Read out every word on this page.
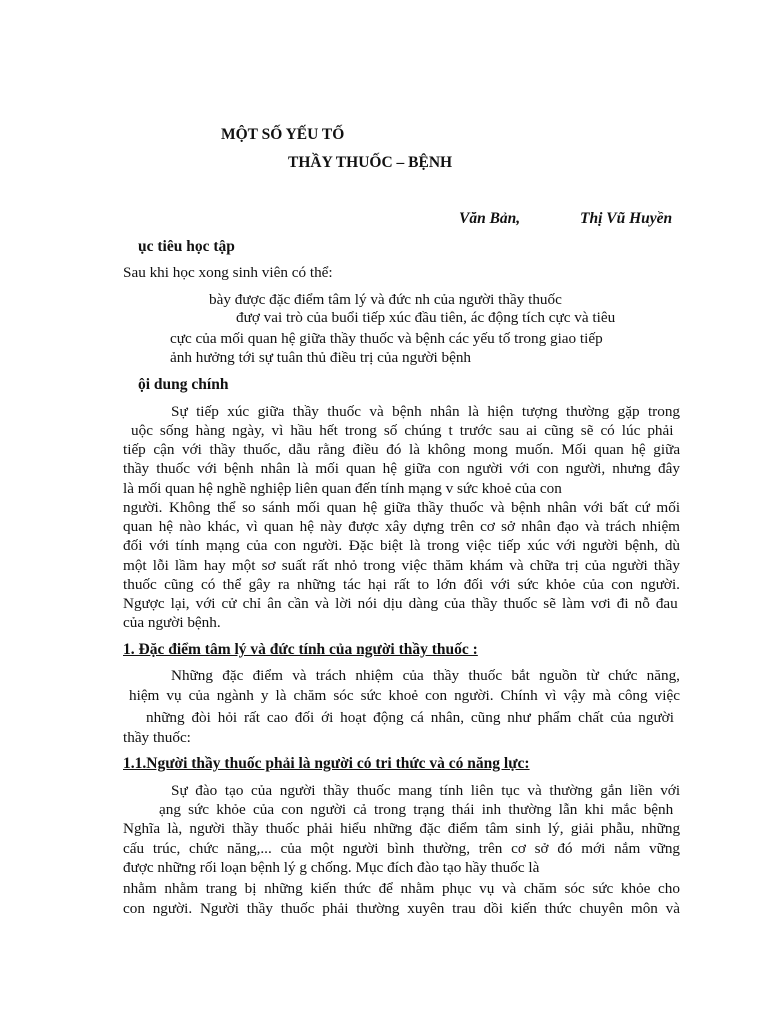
MỘT SỐ YẾU TỐ
THẦY THUỐC – BỆNH
Văn Bản,	Thị Vũ Huyền
ục tiêu học tập
Sau khi học xong sinh viên có thể:
bày được đặc điểm tâm lý và đức nh của người thầy thuốc
đượ vai trò của buổi tiếp xúc đầu tiên, ác động tích cực và tiêu
cực của mối quan hệ giữa thầy thuốc và bệnh các yếu tố trong giao tiếp
ảnh hưởng tới sự tuân thủ điều trị của người bệnh
ội dung chính
Sự tiếp xúc giữa thầy thuốc và bệnh nhân là hiện tượng thường gặp trong
uộc sống hàng ngày, vì hầu hết trong số chúng t trước sau ai cũng sẽ có lúc phải
tiếp cận với thầy thuốc, dẫu rằng điều đó là không mong muốn. Mối quan hệ giữa
thầy thuốc với bệnh nhân là mối quan hệ giữa con người với con người, nhưng đây
là mối quan hệ nghề nghiệp liên quan đến tính mạng v sức khoẻ của con
người. Không thể so sánh mối quan hệ giữa thầy thuốc và bệnh nhân với bất cứ mối
quan hệ nào khác, vì quan hệ này được xây dựng trên cơ sở nhân đạo và trách nhiệm
đối với tính mạng của con người. Đặc biệt là trong việc tiếp xúc với người bệnh, dù
một lỗi lầm hay một sơ suất rất nhỏ trong việc thăm khám và chữa trị của người thầy
thuốc cũng có thể gây ra những tác hại rất to lớn đối với sức khỏe của con người.
Ngược lại, với cử chỉ ân cần và lời nói dịu dàng của thầy thuốc sẽ làm vơi đi nỗ đau
của người bệnh.
1. Đặc điểm tâm lý và đức tính của người thầy thuốc :
Những đặc điểm và trách nhiệm của thầy thuốc bắt nguồn từ chức năng,
hiệm vụ của ngành y là chăm sóc sức khoẻ con người. Chính vì vậy mà công việc
những đòi hỏi rất cao đối ới hoạt động cá nhân, cũng như phẩm chất của người
thầy thuốc:
1.1.Người thầy thuốc phải là người có tri thức và có năng lực:
Sự đào tạo của người thầy thuốc mang tính liên tục và thường gắn liền với
ạng sức khỏe của con người cả trong trạng thái inh thường lẫn khi mắc bệnh
Nghĩa là, người thầy thuốc phải hiểu những đặc điểm tâm sinh lý, giải phẫu, những
cấu trúc, chức năng,... của một người bình thường, trên cơ sở đó mới nắm vững
được những rối loạn bệnh lý g chống. Mục đích đào tạo hầy thuốc là
nhằm nhằm trang bị những kiến thức để nhằm phục vụ và chăm sóc sức khỏe cho
con người. Người thầy thuốc phải thường xuyên trau dồi kiến thức chuyên môn và
